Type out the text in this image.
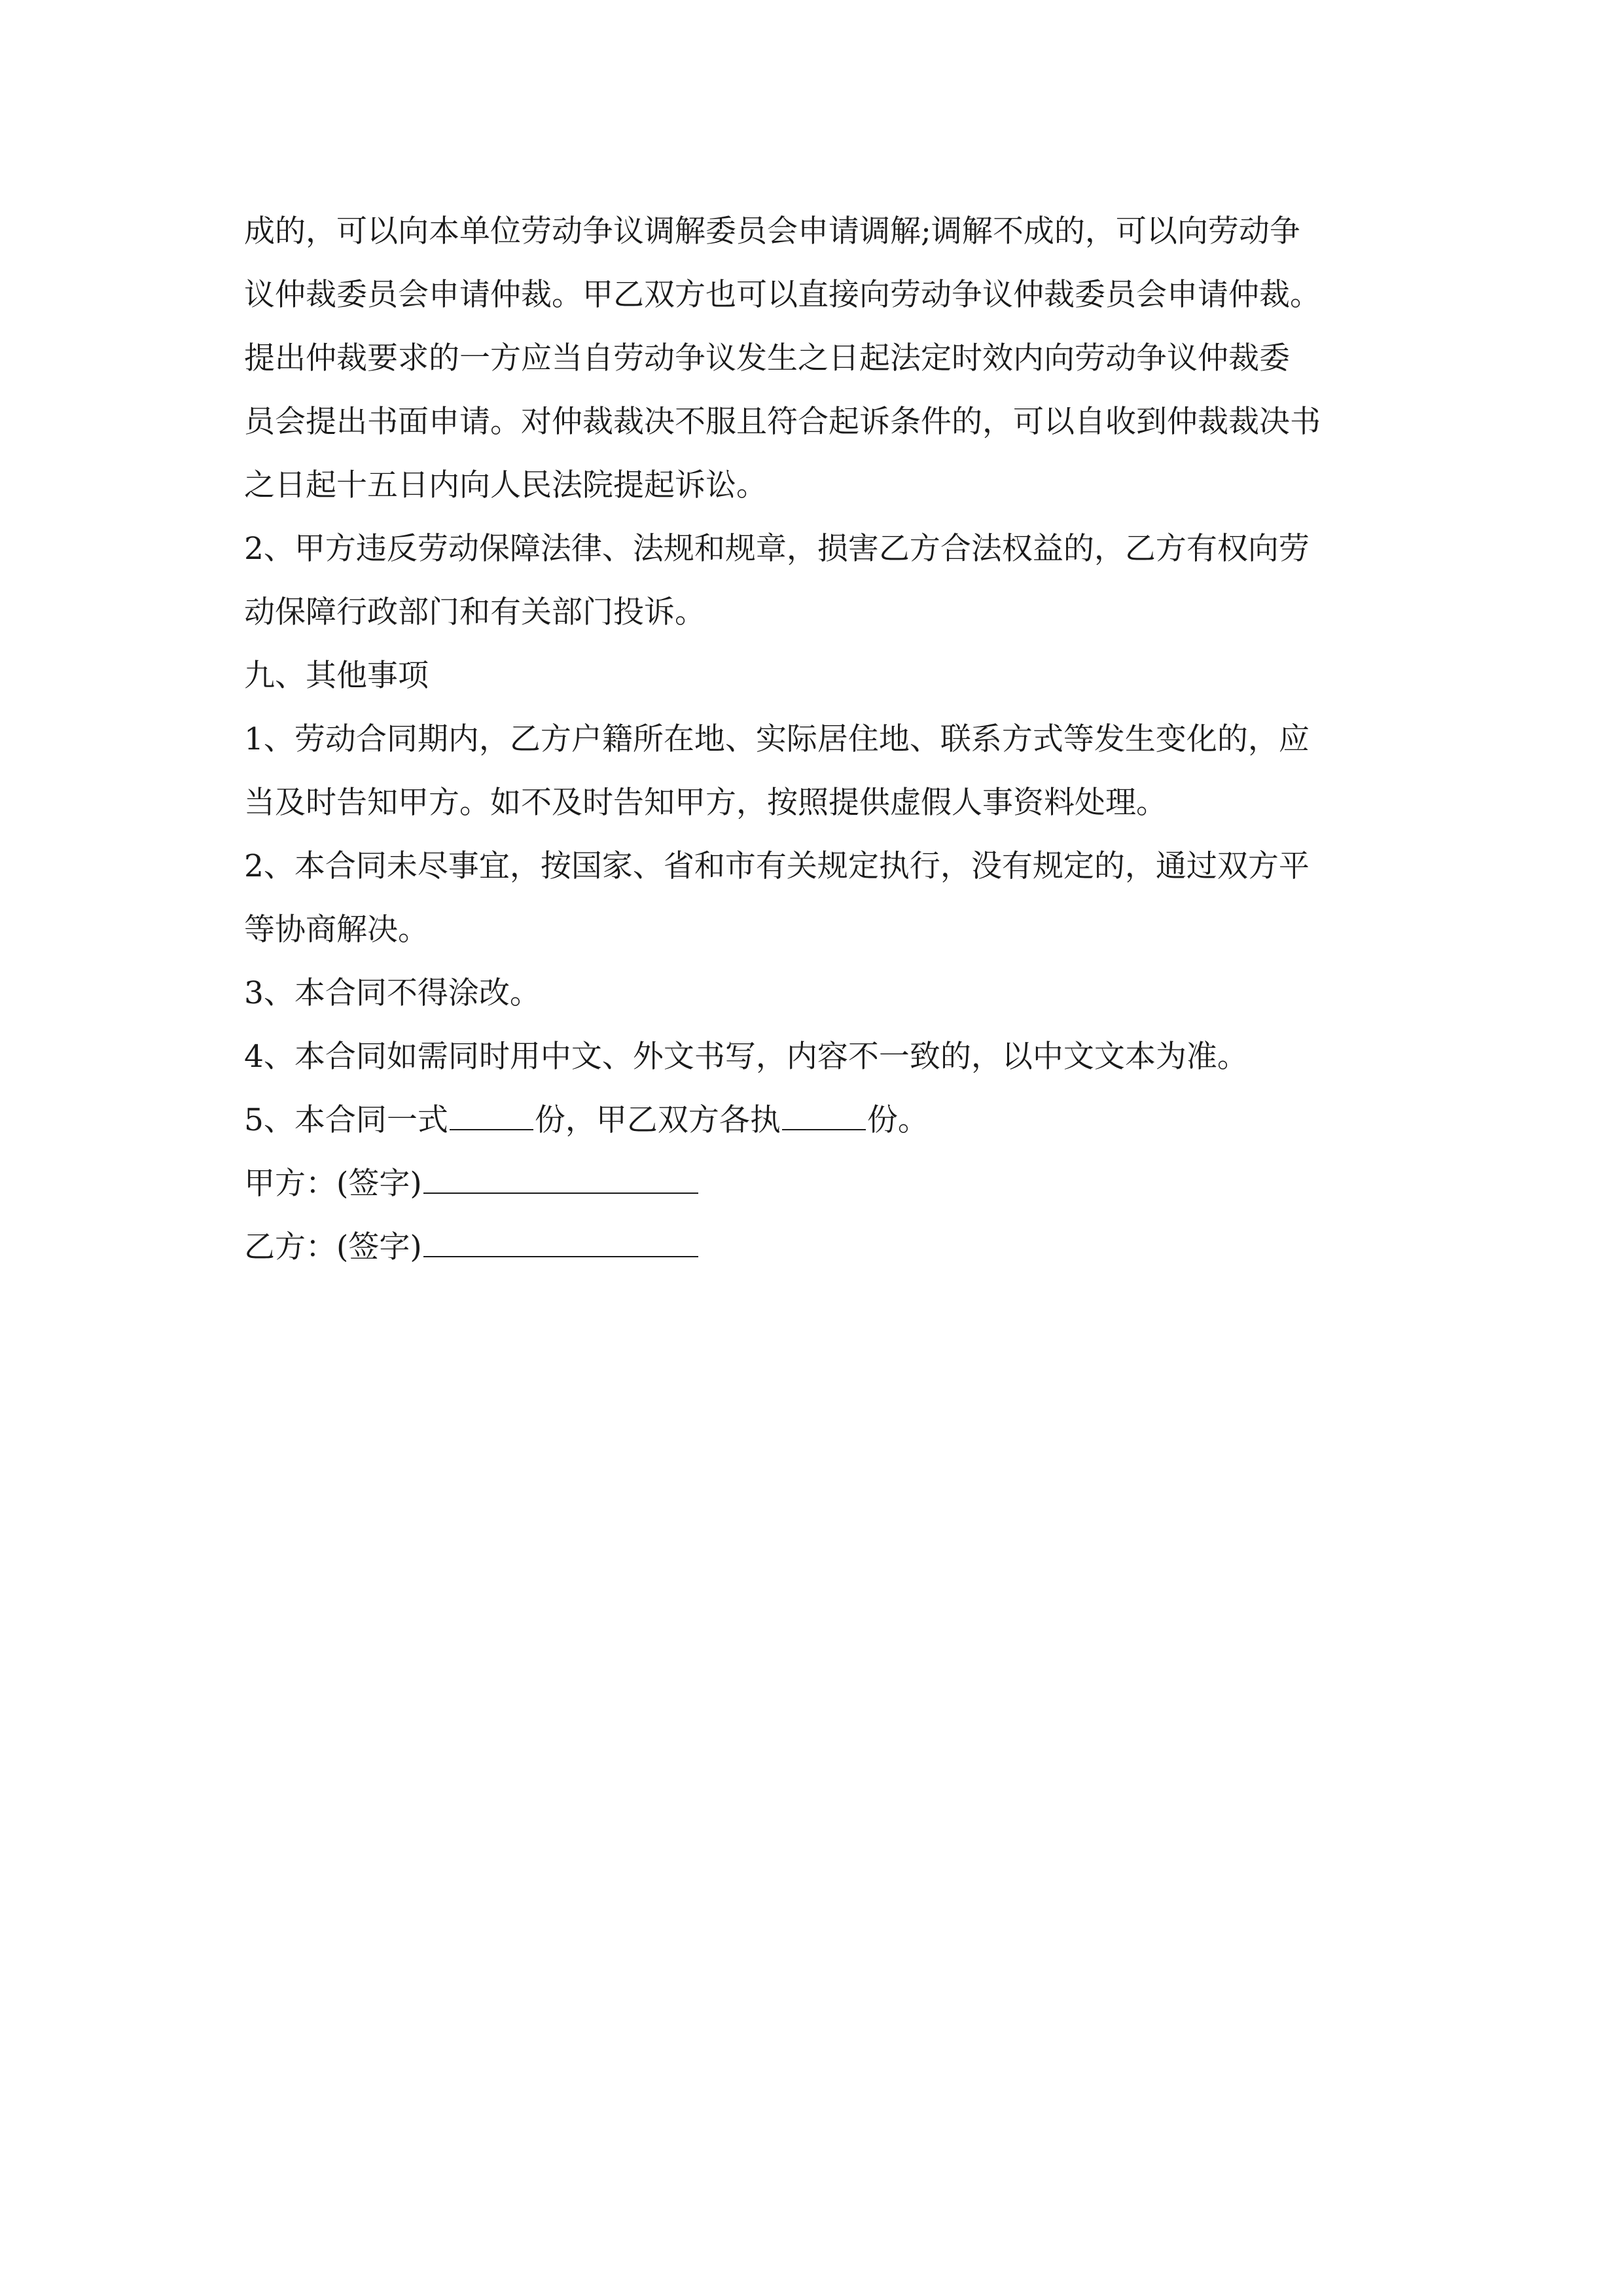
成的，可以向本单位劳动争议调解委员会申请调解;调解不成的，可以向劳动争
议仲裁委员会申请仲裁。甲乙双方也可以直接向劳动争议仲裁委员会申请仲裁。
提出仲裁要求的一方应当自劳动争议发生之日起法定时效内向劳动争议仲裁委
员会提出书面申请。对仲裁裁决不服且符合起诉条件的，可以自收到仲裁裁决书
之日起十五日内向人民法院提起诉讼。
2、甲方违反劳动保障法律、法规和规章，损害乙方合法权益的，乙方有权向劳
动保障行政部门和有关部门投诉。
九、其他事项
1、劳动合同期内，乙方户籍所在地、实际居住地、联系方式等发生变化的，应
当及时告知甲方。如不及时告知甲方，按照提供虚假人事资料处理。
2、本合同未尽事宜，按国家、省和市有关规定执行，没有规定的，通过双方平
等协商解决。
3、本合同不得涂改。
4、本合同如需同时用中文、外文书写，内容不一致的，以中文文本为准。
5、本合同一式	份，甲乙双方各执	份。
甲方：(签字)
乙方：(签字)
